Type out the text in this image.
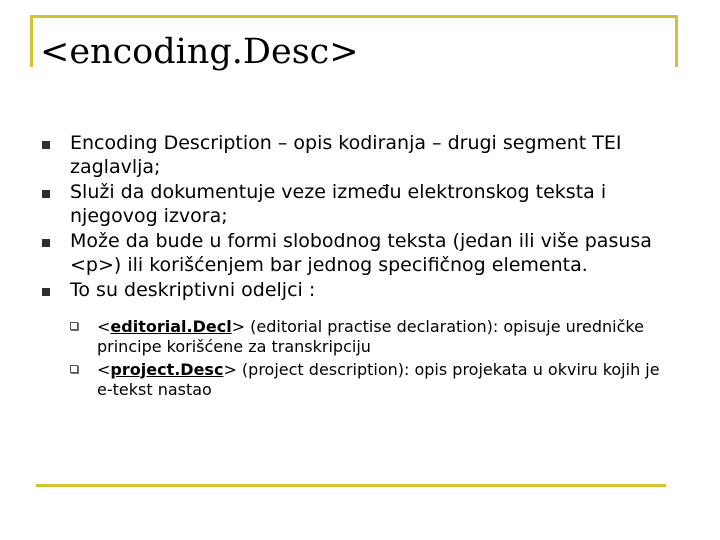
<encoding.Desc>
Encoding Description – opis kodiranja – drugi segment TEI zaglavlja;
Služi da dokumentuje veze između elektronskog teksta i njegovog izvora;
Može da bude u formi slobodnog teksta (jedan ili više pasusa <p>) ili korišćenjem bar jednog specifičnog elementa.
To su deskriptivni odeljci :
<editorial.Decl> (editorial practise declaration): opisuje uredničke principe korišćene za transkripciju
<project.Desc> (project description): opis projekata u okviru kojih je e-tekst nastao
